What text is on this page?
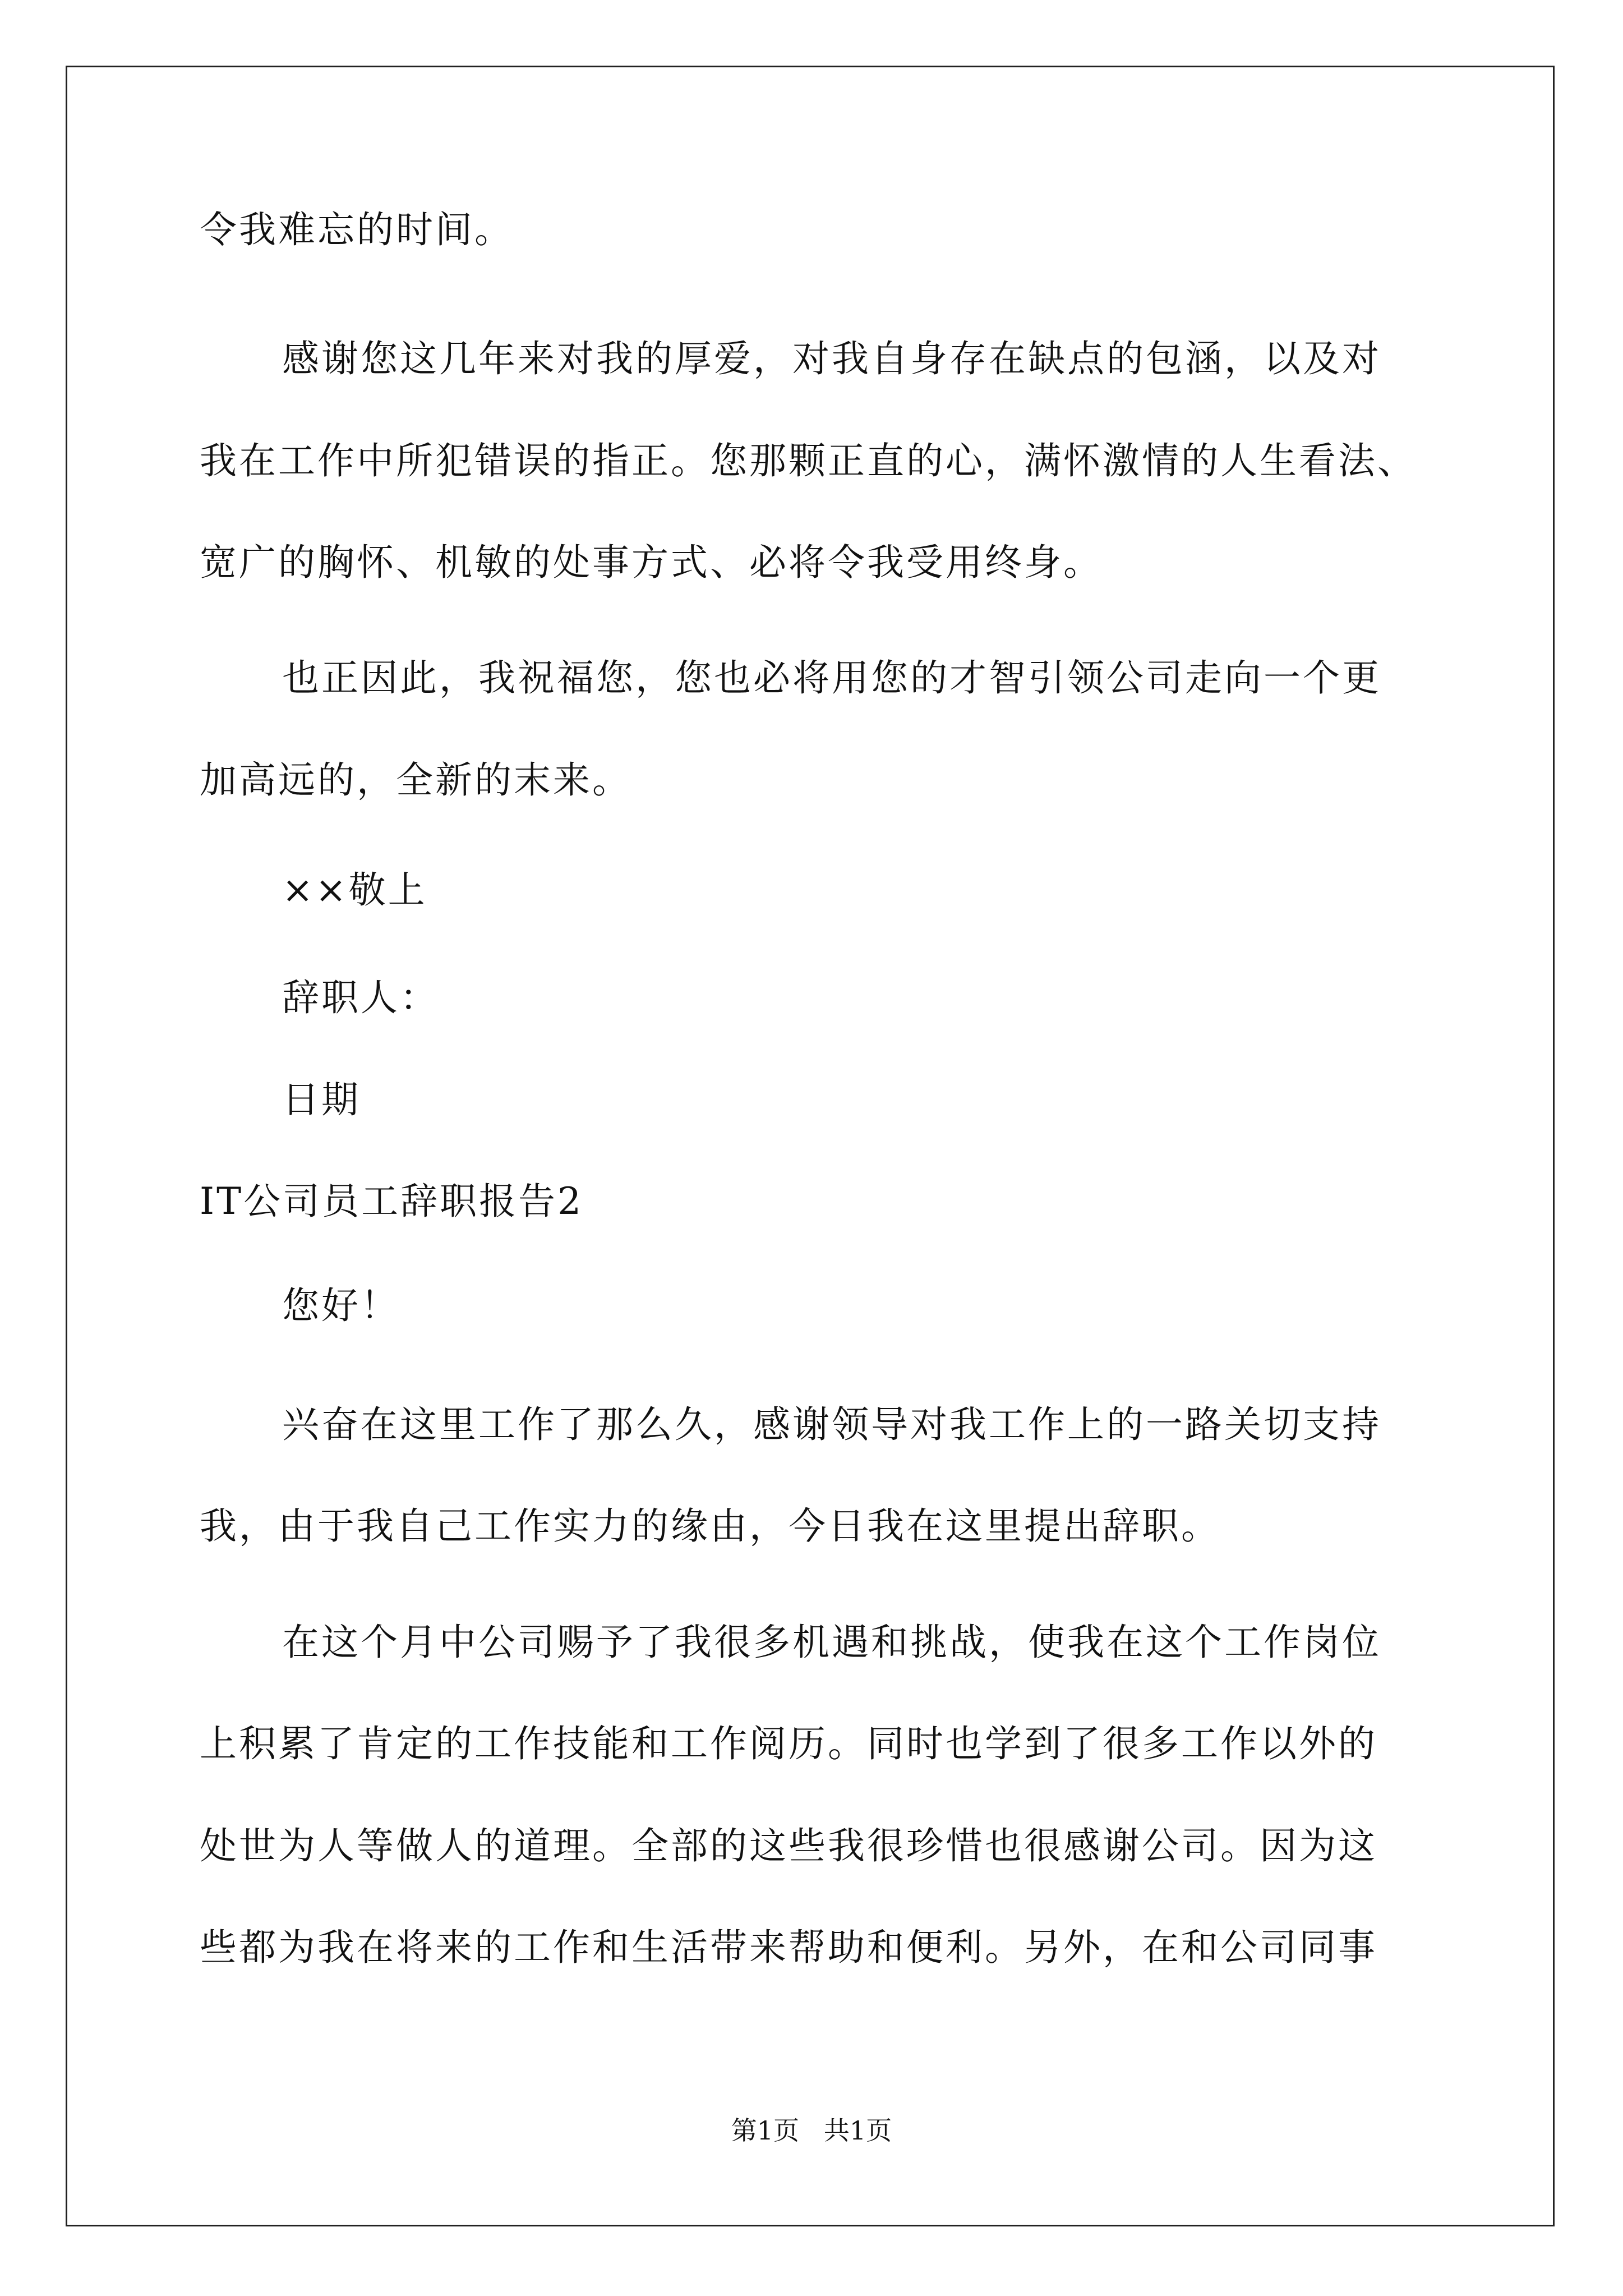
令我难忘的时间。
感谢您这几年来对我的厚爱，对我自身存在缺点的包涵，以及对
我在工作中所犯错误的指正。您那颗正直的心，满怀激情的人生看法、
宽广的胸怀、机敏的处事方式、必将令我受用终身。
也正因此，我祝福您，您也必将用您的才智引领公司走向一个更
加高远的，全新的末来。
××敬上
辞职人：
日期
IT公司员工辞职报告2
您好！
兴奋在这里工作了那么久，感谢领导对我工作上的一路关切支持
我，由于我自己工作实力的缘由，今日我在这里提出辞职。
在这个月中公司赐予了我很多机遇和挑战，使我在这个工作岗位
上积累了肯定的工作技能和工作阅历。同时也学到了很多工作以外的
处世为人等做人的道理。全部的这些我很珍惜也很感谢公司。因为这
些都为我在将来的工作和生活带来帮助和便利。另外，在和公司同事
第1页   共1页
